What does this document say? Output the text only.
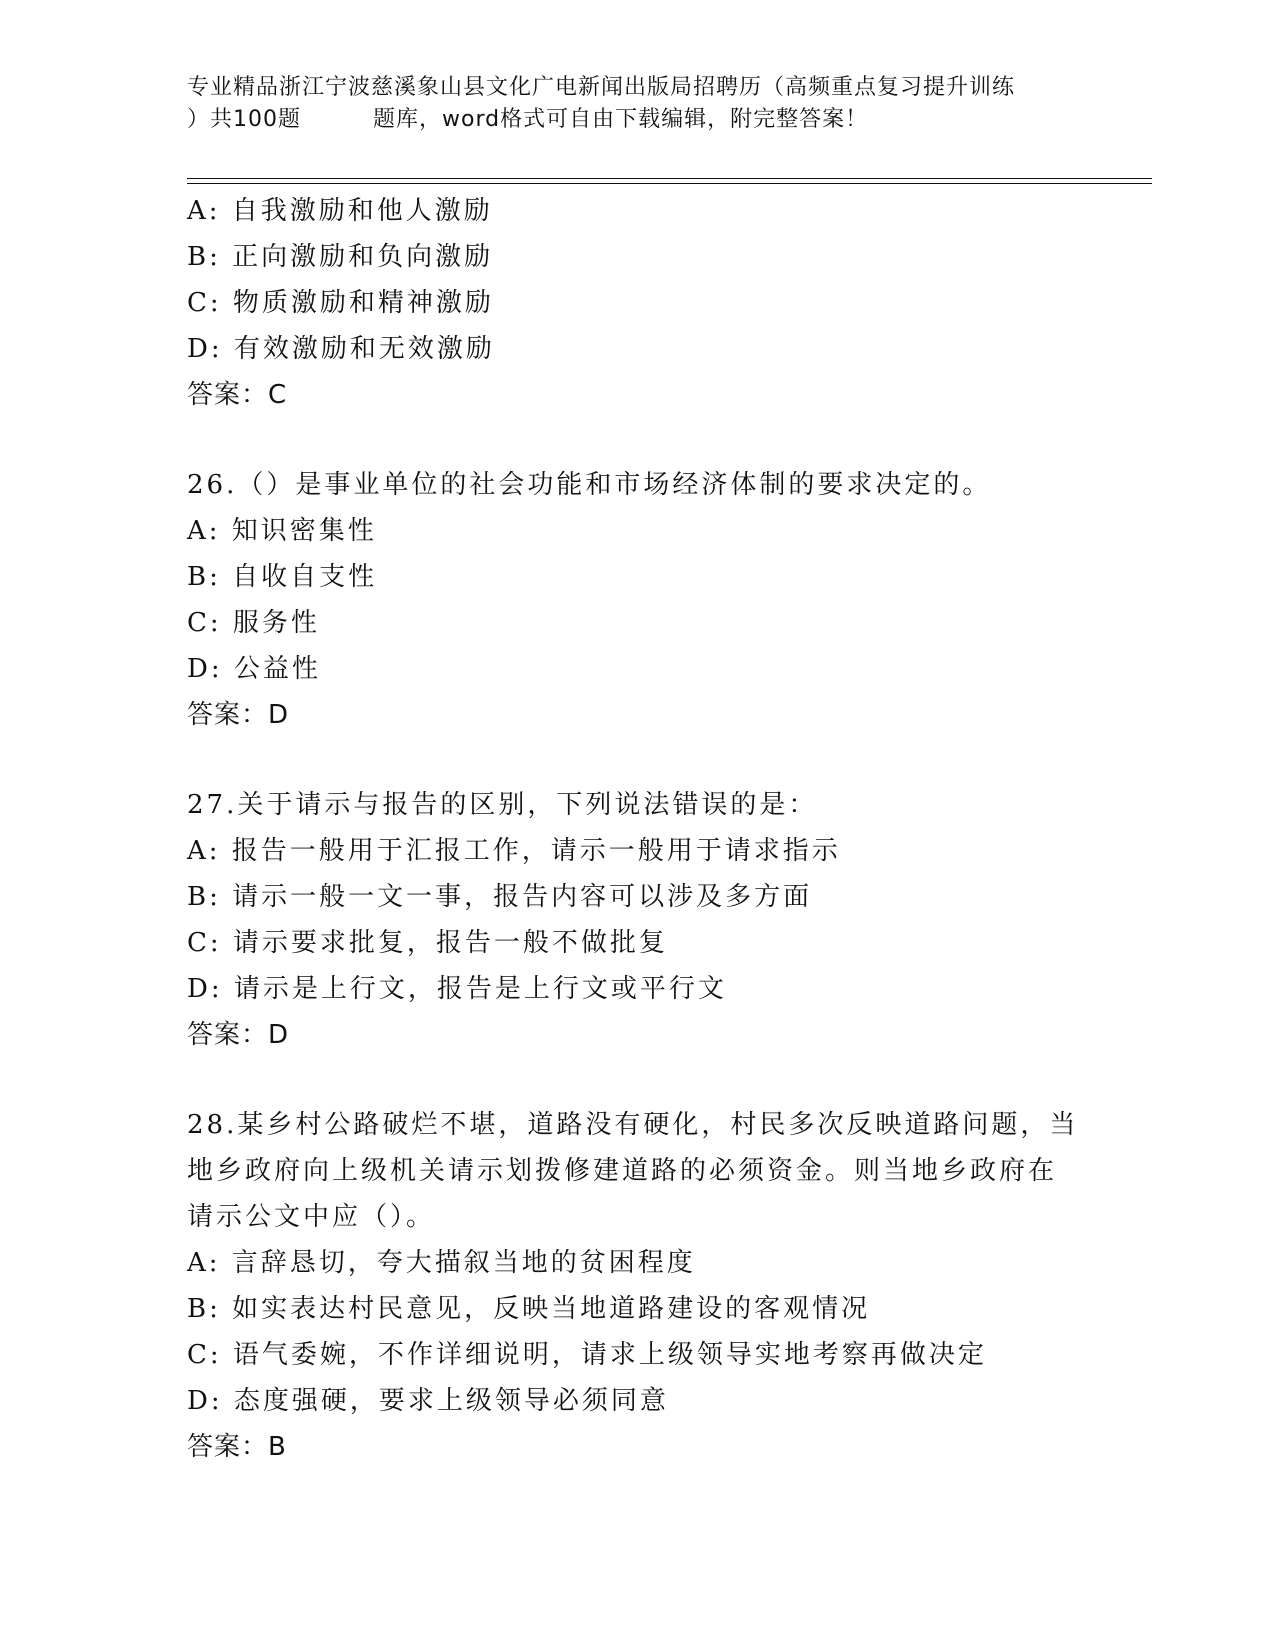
专业精品浙江宁波慈溪象山县文化广电新闻出版局招聘历（高频重点复习提升训练
）共100题	题库，word格式可自由下载编辑，附完整答案！
A: 自我激励和他人激励
B: 正向激励和负向激励
C: 物质激励和精神激励
D: 有效激励和无效激励
答案：C
26.（）是事业单位的社会功能和市场经济体制的要求决定的。
A: 知识密集性
B: 自收自支性
C: 服务性
D: 公益性
答案：D
27.关于请示与报告的区别，下列说法错误的是：
A: 报告一般用于汇报工作，请示一般用于请求指示
B: 请示一般一文一事，报告内容可以涉及多方面
C: 请示要求批复，报告一般不做批复
D: 请示是上行文，报告是上行文或平行文
答案：D
28.某乡村公路破烂不堪，道路没有硬化，村民多次反映道路问题，当
地乡政府向上级机关请示划拨修建道路的必须资金。则当地乡政府在
请示公文中应（）。
A: 言辞恳切，夸大描叙当地的贫困程度
B: 如实表达村民意见，反映当地道路建设的客观情况
C: 语气委婉，不作详细说明，请求上级领导实地考察再做决定
D: 态度强硬，要求上级领导必须同意
答案：B
